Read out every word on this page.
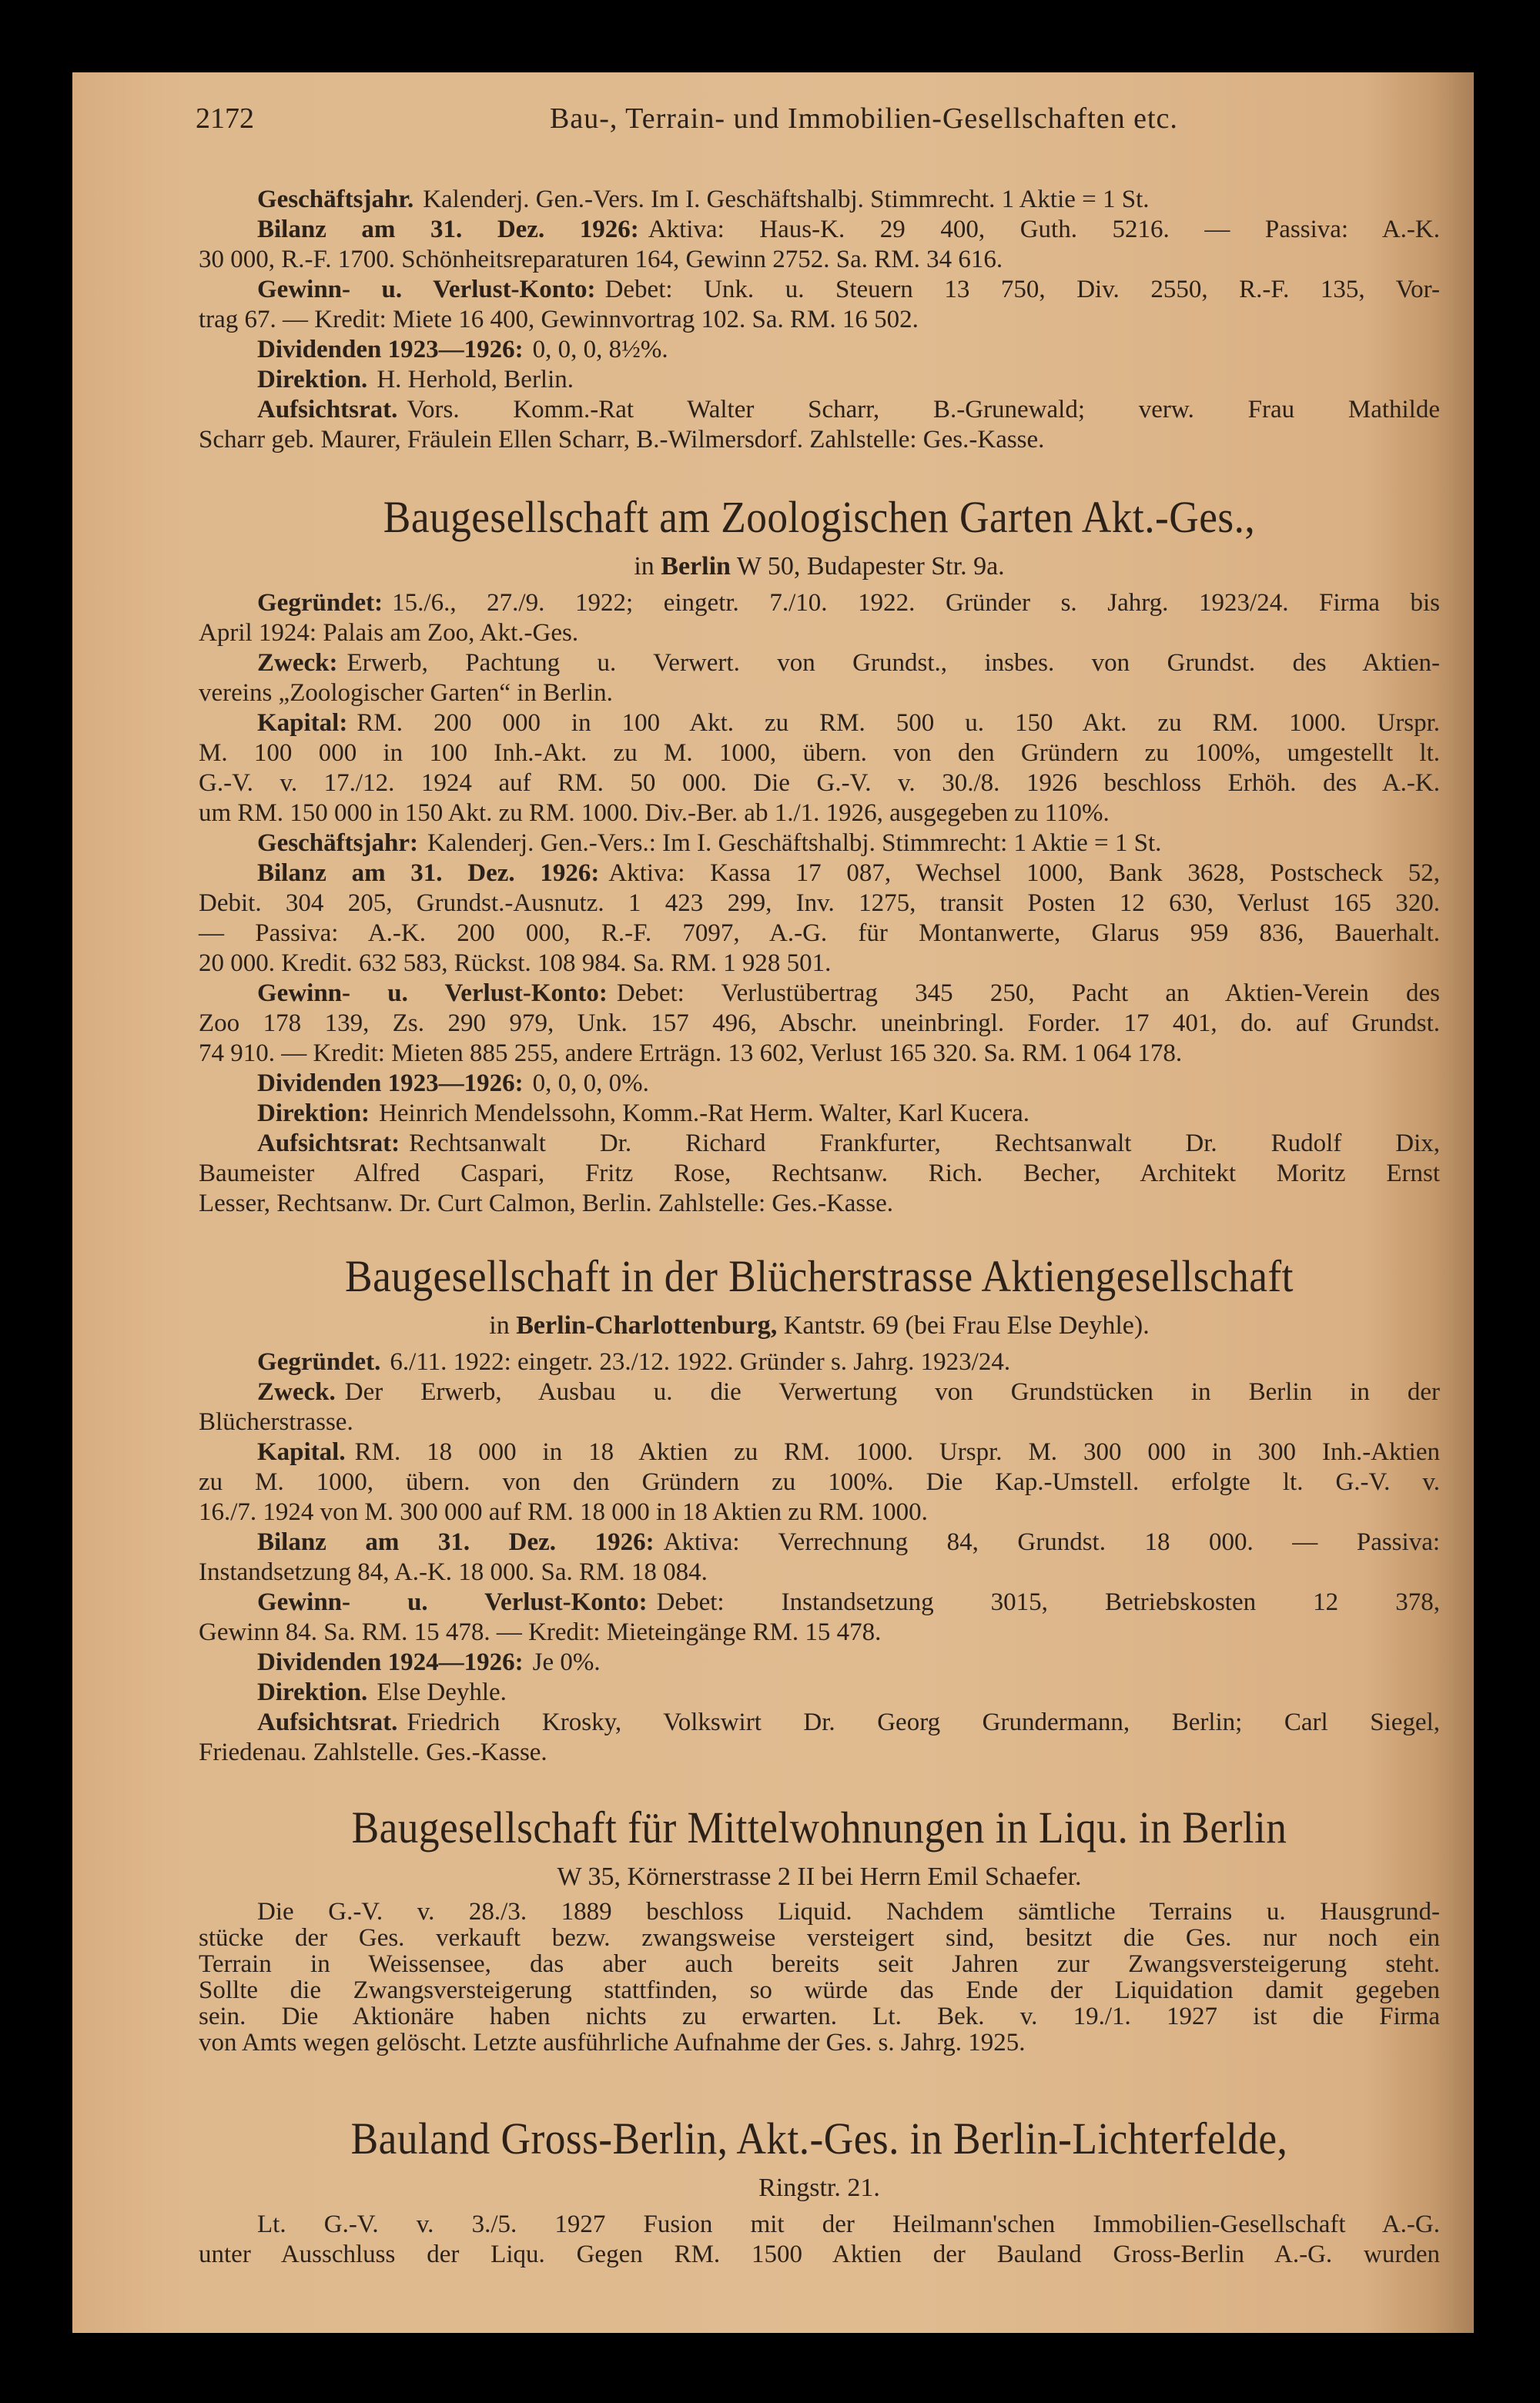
2172	Bau-, Terrain- und Immobilien-Gesellschaften etc.
Geschäftsjahr. Kalenderj. Gen.-Vers. Im I. Geschäftshalbj. Stimmrecht. 1 Aktie = 1 St.
Bilanz am 31. Dez. 1926: Aktiva: Haus-K. 29 400, Guth. 5216. — Passiva: A.-K.
30 000, R.-F. 1700. Schönheitsreparaturen 164, Gewinn 2752. Sa. RM. 34 616.
Gewinn- u. Verlust-Konto: Debet: Unk. u. Steuern 13 750, Div. 2550, R.-F. 135, Vor-
trag 67. — Kredit: Miete 16 400, Gewinnvortrag 102. Sa. RM. 16 502.
Dividenden 1923—1926: 0, 0, 0, 8½%.
Direktion. H. Herhold, Berlin.
Aufsichtsrat. Vors. Komm.-Rat Walter Scharr, B.-Grunewald; verw. Frau Mathilde
Scharr geb. Maurer, Fräulein Ellen Scharr, B.-Wilmersdorf. Zahlstelle: Ges.-Kasse.
Baugesellschaft am Zoologischen Garten Akt.-Ges.,
in Berlin W 50, Budapester Str. 9a.
Gegründet: 15./6., 27./9. 1922; eingetr. 7./10. 1922. Gründer s. Jahrg. 1923/24. Firma bis
April 1924: Palais am Zoo, Akt.-Ges.
Zweck: Erwerb, Pachtung u. Verwert. von Grundst., insbes. von Grundst. des Aktien-
vereins „Zoologischer Garten“ in Berlin.
Kapital: RM. 200 000 in 100 Akt. zu RM. 500 u. 150 Akt. zu RM. 1000. Urspr.
M. 100 000 in 100 Inh.-Akt. zu M. 1000, übern. von den Gründern zu 100%, umgestellt lt.
G.-V. v. 17./12. 1924 auf RM. 50 000. Die G.-V. v. 30./8. 1926 beschloss Erhöh. des A.-K.
um RM. 150 000 in 150 Akt. zu RM. 1000. Div.-Ber. ab 1./1. 1926, ausgegeben zu 110%.
Geschäftsjahr: Kalenderj. Gen.-Vers.: Im I. Geschäftshalbj. Stimmrecht: 1 Aktie = 1 St.
Bilanz am 31. Dez. 1926: Aktiva: Kassa 17 087, Wechsel 1000, Bank 3628, Postscheck 52,
Debit. 304 205, Grundst.-Ausnutz. 1 423 299, Inv. 1275, transit Posten 12 630, Verlust 165 320.
— Passiva: A.-K. 200 000, R.-F. 7097, A.-G. für Montanwerte, Glarus 959 836, Bauerhalt.
20 000. Kredit. 632 583, Rückst. 108 984. Sa. RM. 1 928 501.
Gewinn- u. Verlust-Konto: Debet: Verlustübertrag 345 250, Pacht an Aktien-Verein des
Zoo 178 139, Zs. 290 979, Unk. 157 496, Abschr. uneinbringl. Forder. 17 401, do. auf Grundst.
74 910. — Kredit: Mieten 885 255, andere Erträgn. 13 602, Verlust 165 320. Sa. RM. 1 064 178.
Dividenden 1923—1926: 0, 0, 0, 0%.
Direktion: Heinrich Mendelssohn, Komm.-Rat Herm. Walter, Karl Kucera.
Aufsichtsrat: Rechtsanwalt Dr. Richard Frankfurter, Rechtsanwalt Dr. Rudolf Dix,
Baumeister Alfred Caspari, Fritz Rose, Rechtsanw. Rich. Becher, Architekt Moritz Ernst
Lesser, Rechtsanw. Dr. Curt Calmon, Berlin. Zahlstelle: Ges.-Kasse.
Baugesellschaft in der Blücherstrasse Aktiengesellschaft
in Berlin-Charlottenburg, Kantstr. 69 (bei Frau Else Deyhle).
Gegründet. 6./11. 1922: eingetr. 23./12. 1922. Gründer s. Jahrg. 1923/24.
Zweck. Der Erwerb, Ausbau u. die Verwertung von Grundstücken in Berlin in der
Blücherstrasse.
Kapital. RM. 18 000 in 18 Aktien zu RM. 1000. Urspr. M. 300 000 in 300 Inh.-Aktien
zu M. 1000, übern. von den Gründern zu 100%. Die Kap.-Umstell. erfolgte lt. G.-V. v.
16./7. 1924 von M. 300 000 auf RM. 18 000 in 18 Aktien zu RM. 1000.
Bilanz am 31. Dez. 1926: Aktiva: Verrechnung 84, Grundst. 18 000. — Passiva:
Instandsetzung 84, A.-K. 18 000. Sa. RM. 18 084.
Gewinn- u. Verlust-Konto: Debet: Instandsetzung 3015, Betriebskosten 12 378,
Gewinn 84. Sa. RM. 15 478. — Kredit: Mieteingänge RM. 15 478.
Dividenden 1924—1926: Je 0%.
Direktion. Else Deyhle.
Aufsichtsrat. Friedrich Krosky, Volkswirt Dr. Georg Grundermann, Berlin; Carl Siegel,
Friedenau. Zahlstelle. Ges.-Kasse.
Baugesellschaft für Mittelwohnungen in Liqu. in Berlin
W 35, Körnerstrasse 2 II bei Herrn Emil Schaefer.
Die G.-V. v. 28./3. 1889 beschloss Liquid. Nachdem sämtliche Terrains u. Hausgrund-
stücke der Ges. verkauft bezw. zwangsweise versteigert sind, besitzt die Ges. nur noch ein
Terrain in Weissensee, das aber auch bereits seit Jahren zur Zwangsversteigerung steht.
Sollte die Zwangsversteigerung stattfinden, so würde das Ende der Liquidation damit gegeben
sein. Die Aktionäre haben nichts zu erwarten. Lt. Bek. v. 19./1. 1927 ist die Firma
von Amts wegen gelöscht. Letzte ausführliche Aufnahme der Ges. s. Jahrg. 1925.
Bauland Gross-Berlin, Akt.-Ges. in Berlin-Lichterfelde,
Ringstr. 21.
Lt. G.-V. v. 3./5. 1927 Fusion mit der Heilmann'schen Immobilien-Gesellschaft A.-G.
unter Ausschluss der Liqu. Gegen RM. 1500 Aktien der Bauland Gross-Berlin A.-G. wurden
